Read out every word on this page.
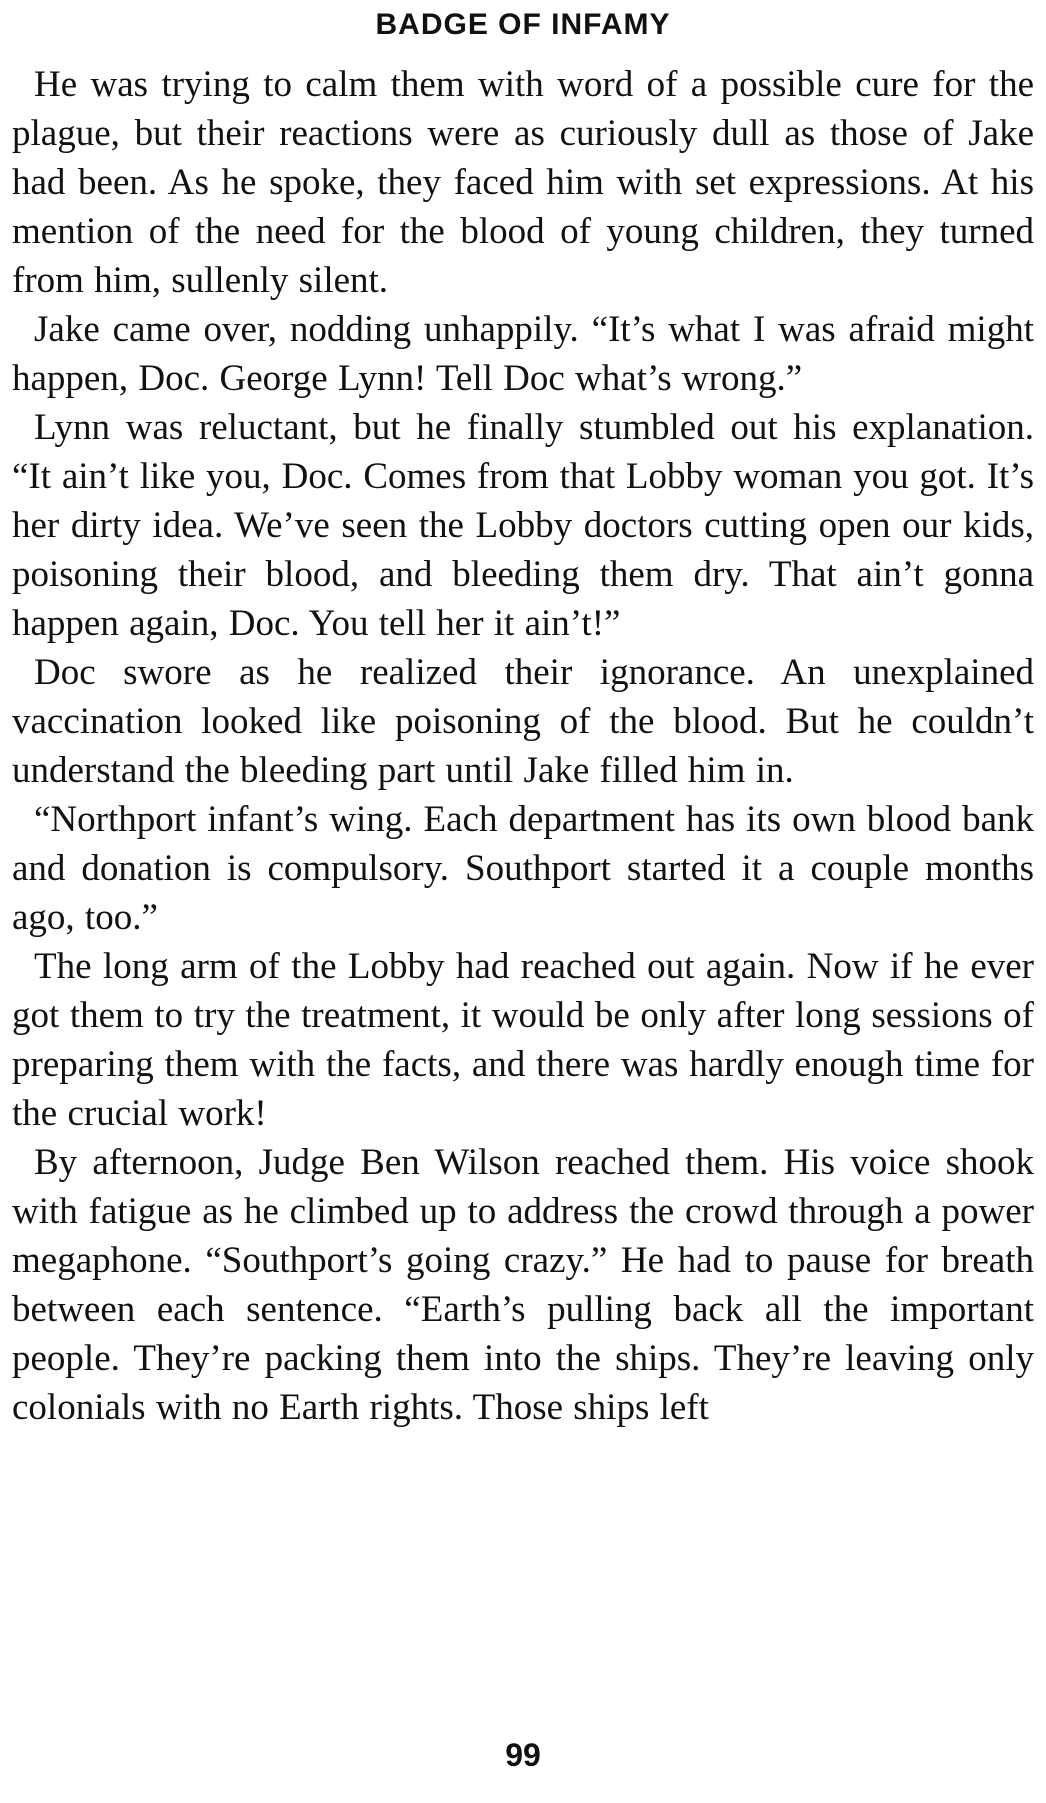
BADGE OF INFAMY

He was trying to calm them with word of a possible cure for the plague, but their reactions were as curiously dull as those of Jake had been. As he spoke, they faced him with set expressions. At his mention of the need for the blood of young children, they turned from him, sullenly silent.

Jake came over, nodding unhappily. “It’s what I was afraid might happen, Doc. George Lynn! Tell Doc what’s wrong.”

Lynn was reluctant, but he finally stumbled out his explanation. “It ain’t like you, Doc. Comes from that Lobby woman you got. It’s her dirty idea. We’ve seen the Lobby doctors cutting open our kids, poisoning their blood, and bleeding them dry. That ain’t gonna happen again, Doc. You tell her it ain’t!”

Doc swore as he realized their ignorance. An unexplained vaccination looked like poisoning of the blood. But he couldn’t understand the bleeding part until Jake filled him in.

“Northport infant’s wing. Each department has its own blood bank and donation is compulsory. Southport started it a couple months ago, too.”

The long arm of the Lobby had reached out again. Now if he ever got them to try the treatment, it would be only after long sessions of preparing them with the facts, and there was hardly enough time for the crucial work!

By afternoon, Judge Ben Wilson reached them. His voice shook with fatigue as he climbed up to address the crowd through a power megaphone. “Southport’s going crazy.” He had to pause for breath between each sentence. “Earth’s pulling back all the important people. They’re packing them into the ships. They’re leaving only colonials with no Earth rights. Those ships left

99
